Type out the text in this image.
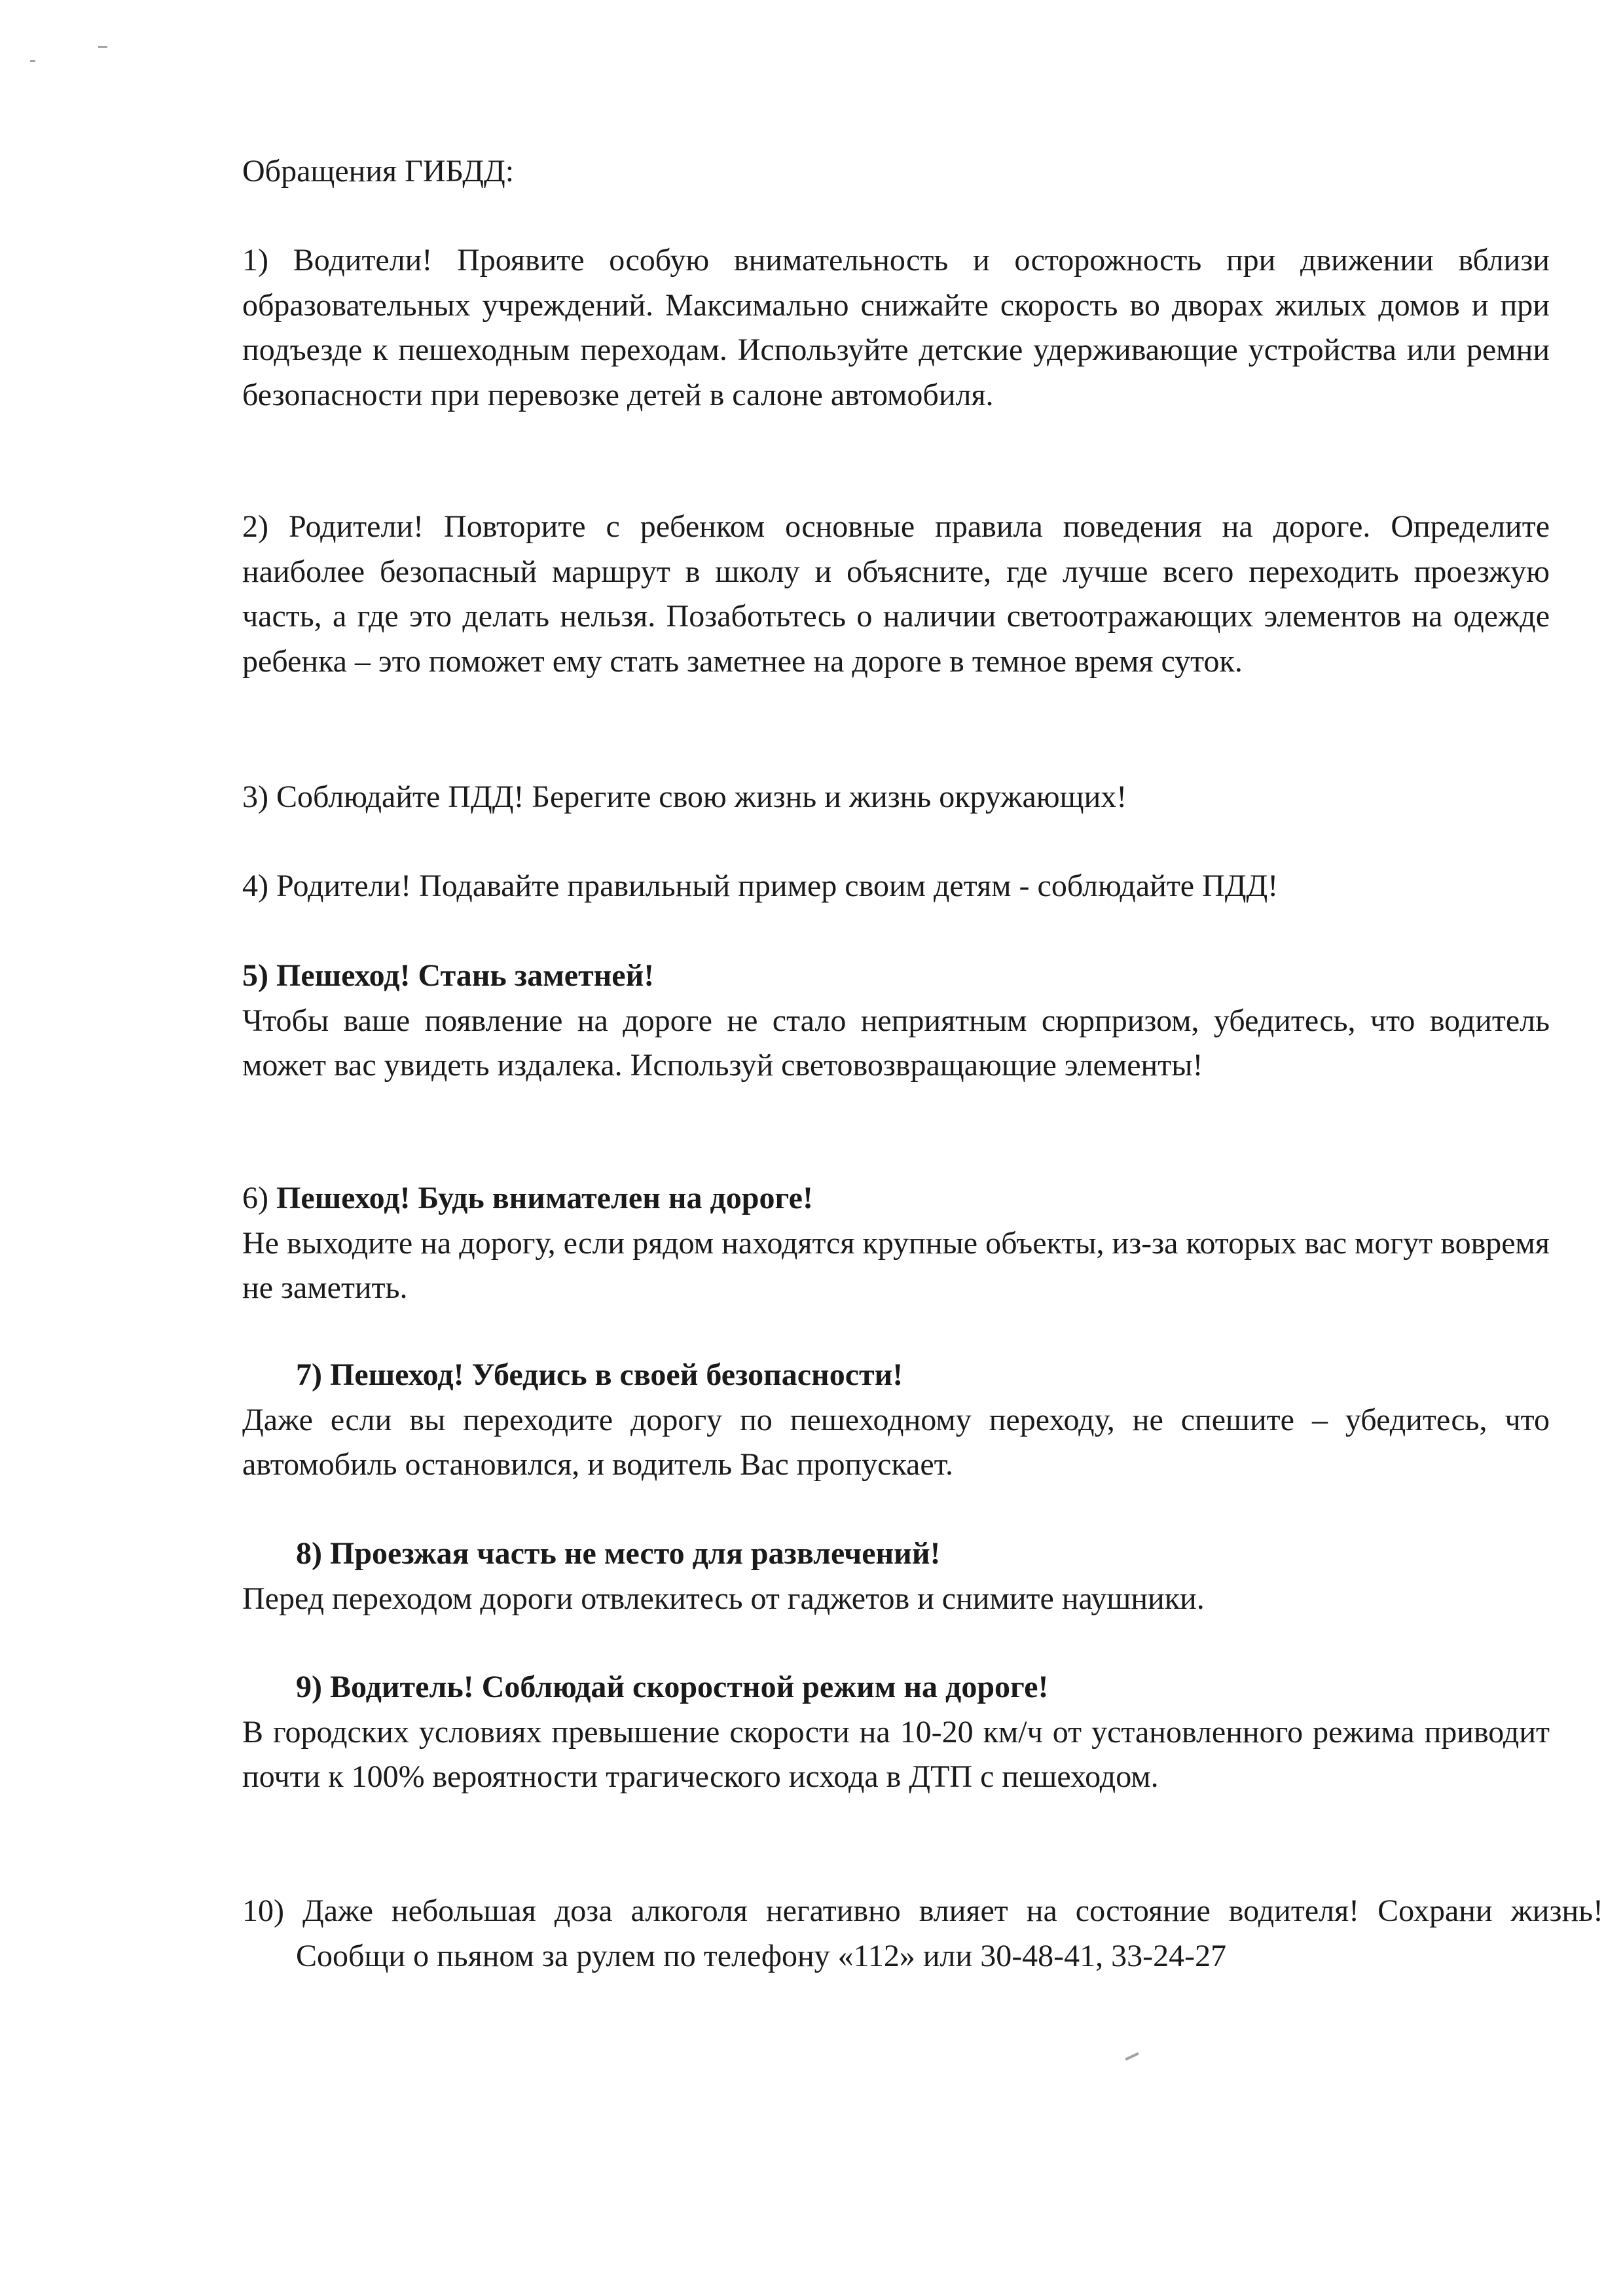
Обращения ГИБДД:

1) Водители! Проявите особую внимательность и осторожность при движении вблизи образовательных учреждений. Максимально снижайте скорость во дворах жилых домов и при подъезде к пешеходным переходам. Используйте детские удерживающие устройства или ремни безопасности при перевозке детей в салоне автомобиля.

2) Родители! Повторите с ребенком основные правила поведения на дороге. Определите наиболее безопасный маршрут в школу и объясните, где лучше всего переходить проезжую часть, а где это делать нельзя. Позаботьтесь о наличии светоотражающих элементов на одежде ребенка – это поможет ему стать заметнее на дороге в темное время суток.

3) Соблюдайте ПДД! Берегите свою жизнь и жизнь окружающих!

4) Родители! Подавайте правильный пример своим детям - соблюдайте ПДД!

5) Пешеход! Стань заметней!
Чтобы ваше появление на дороге не стало неприятным сюрпризом, убедитесь, что водитель может вас увидеть издалека. Используй световозвращающие элементы!
6) Пешеход! Будь внимателен на дороге!
Не выходите на дорогу, если рядом находятся крупные объекты, из-за которых вас могут вовремя не заметить.
7) Пешеход! Убедись в своей безопасности!
Даже если вы переходите дорогу по пешеходному переходу, не спешите – убедитесь, что автомобиль остановился, и водитель Вас пропускает.
8) Проезжая часть не место для развлечений!
Перед переходом дороги отвлекитесь от гаджетов и снимите наушники.
9) Водитель! Соблюдай скоростной режим на дороге!
В городских условиях превышение скорости на 10-20 км/ч от установленного режима приводит почти к 100% вероятности трагического исхода в ДТП с пешеходом.

10) Даже небольшая доза алкоголя негативно влияет на состояние водителя! Сохрани жизнь! Сообщи о пьяном за рулем по телефону «112» или 30-48-41, 33-24-27
